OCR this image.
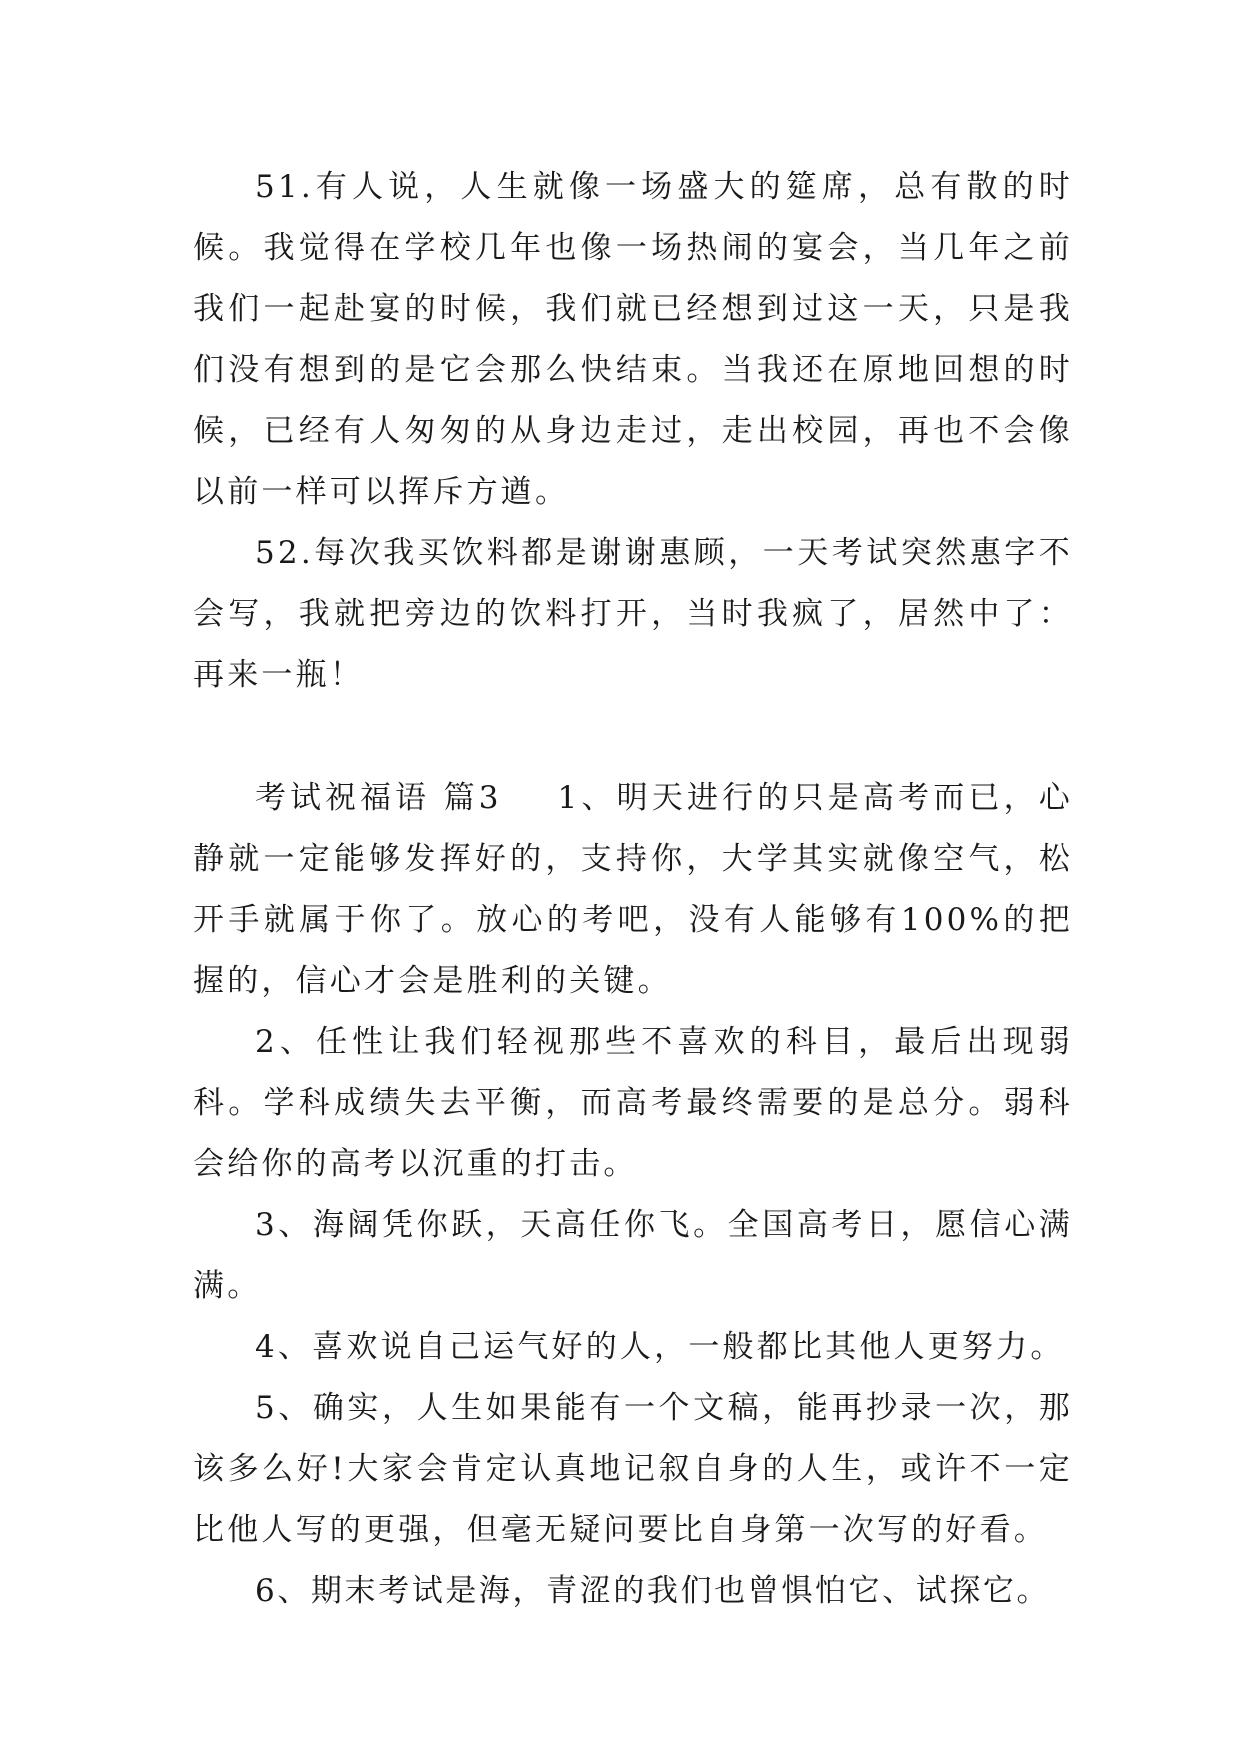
51.有人说，人生就像一场盛大的筵席，总有散的时候。我觉得在学校几年也像一场热闹的宴会，当几年之前我们一起赴宴的时候，我们就已经想到过这一天，只是我们没有想到的是它会那么快结束。当我还在原地回想的时候，已经有人匆匆的从身边走过，走出校园，再也不会像以前一样可以挥斥方遒。

52.每次我买饮料都是谢谢惠顾，一天考试突然惠字不会写，我就把旁边的饮料打开，当时我疯了，居然中了：再来一瓶！

考试祝福语 篇3 1、明天进行的只是高考而已，心静就一定能够发挥好的，支持你，大学其实就像空气，松开手就属于你了。放心的考吧，没有人能够有100%的把握的，信心才会是胜利的关键。

2、任性让我们轻视那些不喜欢的科目，最后出现弱科。学科成绩失去平衡，而高考最终需要的是总分。弱科会给你的高考以沉重的打击。

3、海阔凭你跃，天高任你飞。全国高考日，愿信心满满。

4、喜欢说自己运气好的人，一般都比其他人更努力。

5、确实，人生如果能有一个文稿，能再抄录一次，那该多么好!大家会肯定认真地记叙自身的人生，或许不一定比他人写的更强，但毫无疑问要比自身第一次写的好看。

6、期末考试是海，青涩的我们也曾惧怕它、试探它。
